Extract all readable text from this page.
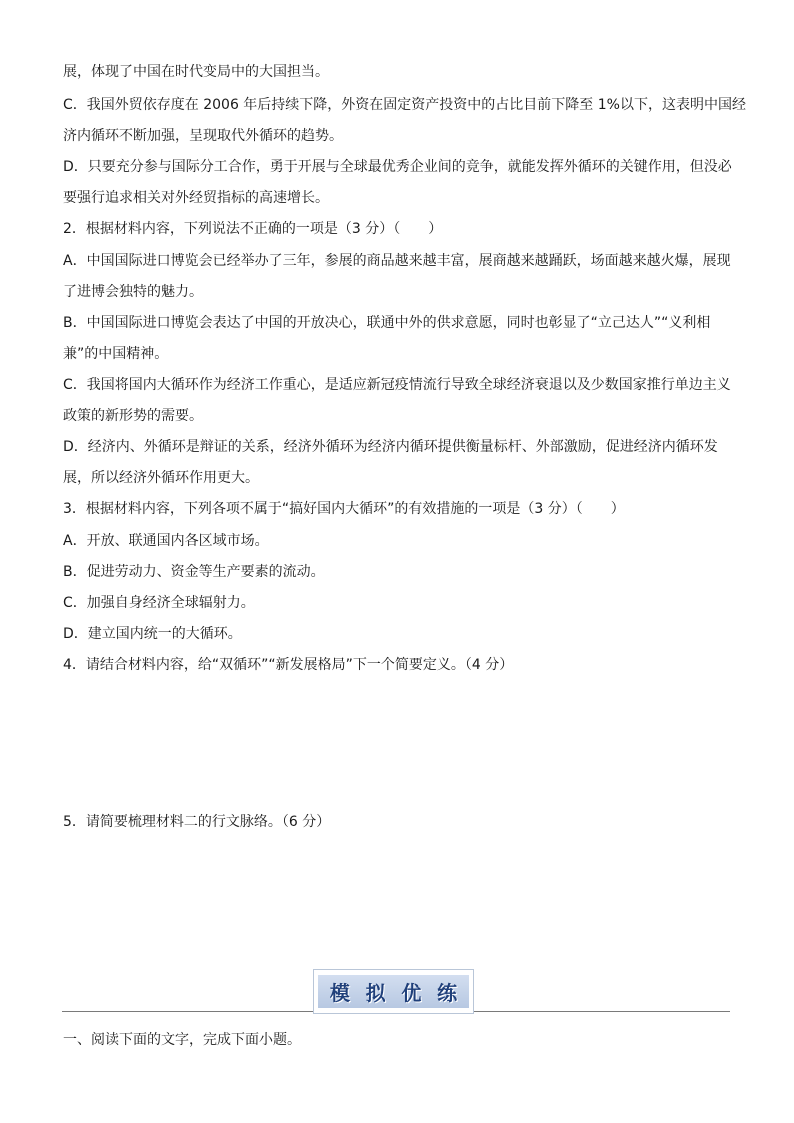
展，体现了中国在时代变局中的大国担当。
C．我国外贸依存度在 2006 年后持续下降，外资在固定资产投资中的占比目前下降至 1%以下，这表明中国经
济内循环不断加强，呈现取代外循环的趋势。
D．只要充分参与国际分工合作，勇于开展与全球最优秀企业间的竞争，就能发挥外循环的关键作用，但没必
要强行追求相关对外经贸指标的高速增长。
2．根据材料内容，下列说法不正确的一项是（3 分）（　　）
A．中国国际进口博览会已经举办了三年，参展的商品越来越丰富，展商越来越踊跃，场面越来越火爆，展现
了进博会独特的魅力。
B．中国国际进口博览会表达了中国的开放决心，联通中外的供求意愿，同时也彰显了“立己达人”“义利相
兼”的中国精神。
C．我国将国内大循环作为经济工作重心，是适应新冠疫情流行导致全球经济衰退以及少数国家推行单边主义
政策的新形势的需要。
D．经济内、外循环是辩证的关系，经济外循环为经济内循环提供衡量标杆、外部激励，促进经济内循环发
展，所以经济外循环作用更大。
3．根据材料内容，下列各项不属于“搞好国内大循环”的有效措施的一项是（3 分）（　　）
A．开放、联通国内各区域市场。
B．促进劳动力、资金等生产要素的流动。
C．加强自身经济全球辐射力。
D．建立国内统一的大循环。
4．请结合材料内容，给“双循环”“新发展格局”下一个简要定义。（4 分）
5．请简要梳理材料二的行文脉络。（6 分）
模 拟 优 练
一、阅读下面的文字，完成下面小题。
